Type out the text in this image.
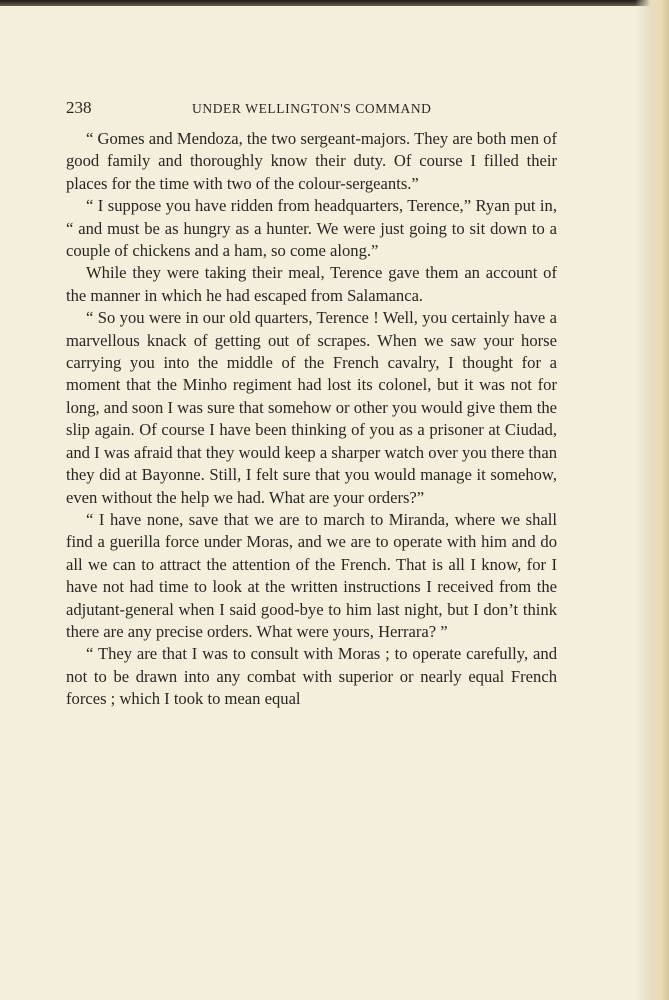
238	UNDER WELLINGTON'S COMMAND

“ Gomes and Mendoza, the two sergeant-majors. They are both men of good family and thoroughly know their duty. Of course I filled their places for the time with two of the colour-sergeants.”

“ I suppose you have ridden from headquarters, Terence,” Ryan put in, “ and must be as hungry as a hunter. We were just going to sit down to a couple of chickens and a ham, so come along.”

While they were taking their meal, Terence gave them an account of the manner in which he had escaped from Salamanca.

“ So you were in our old quarters, Terence ! Well, you certainly have a marvellous knack of getting out of scrapes. When we saw your horse carrying you into the middle of the French cavalry, I thought for a moment that the Minho regiment had lost its colonel, but it was not for long, and soon I was sure that somehow or other you would give them the slip again. Of course I have been thinking of you as a prisoner at Ciudad, and I was afraid that they would keep a sharper watch over you there than they did at Bayonne. Still, I felt sure that you would manage it somehow, even without the help we had. What are your orders?”

“ I have none, save that we are to march to Miranda, where we shall find a guerilla force under Moras, and we are to operate with him and do all we can to attract the attention of the French. That is all I know, for I have not had time to look at the written instructions I received from the adjutant-general when I said good-bye to him last night, but I don’t think there are any precise orders. What were yours, Herrara? ”

“ They are that I was to consult with Moras ; to operate carefully, and not to be drawn into any combat with superior or nearly equal French forces ; which I took to mean equal
